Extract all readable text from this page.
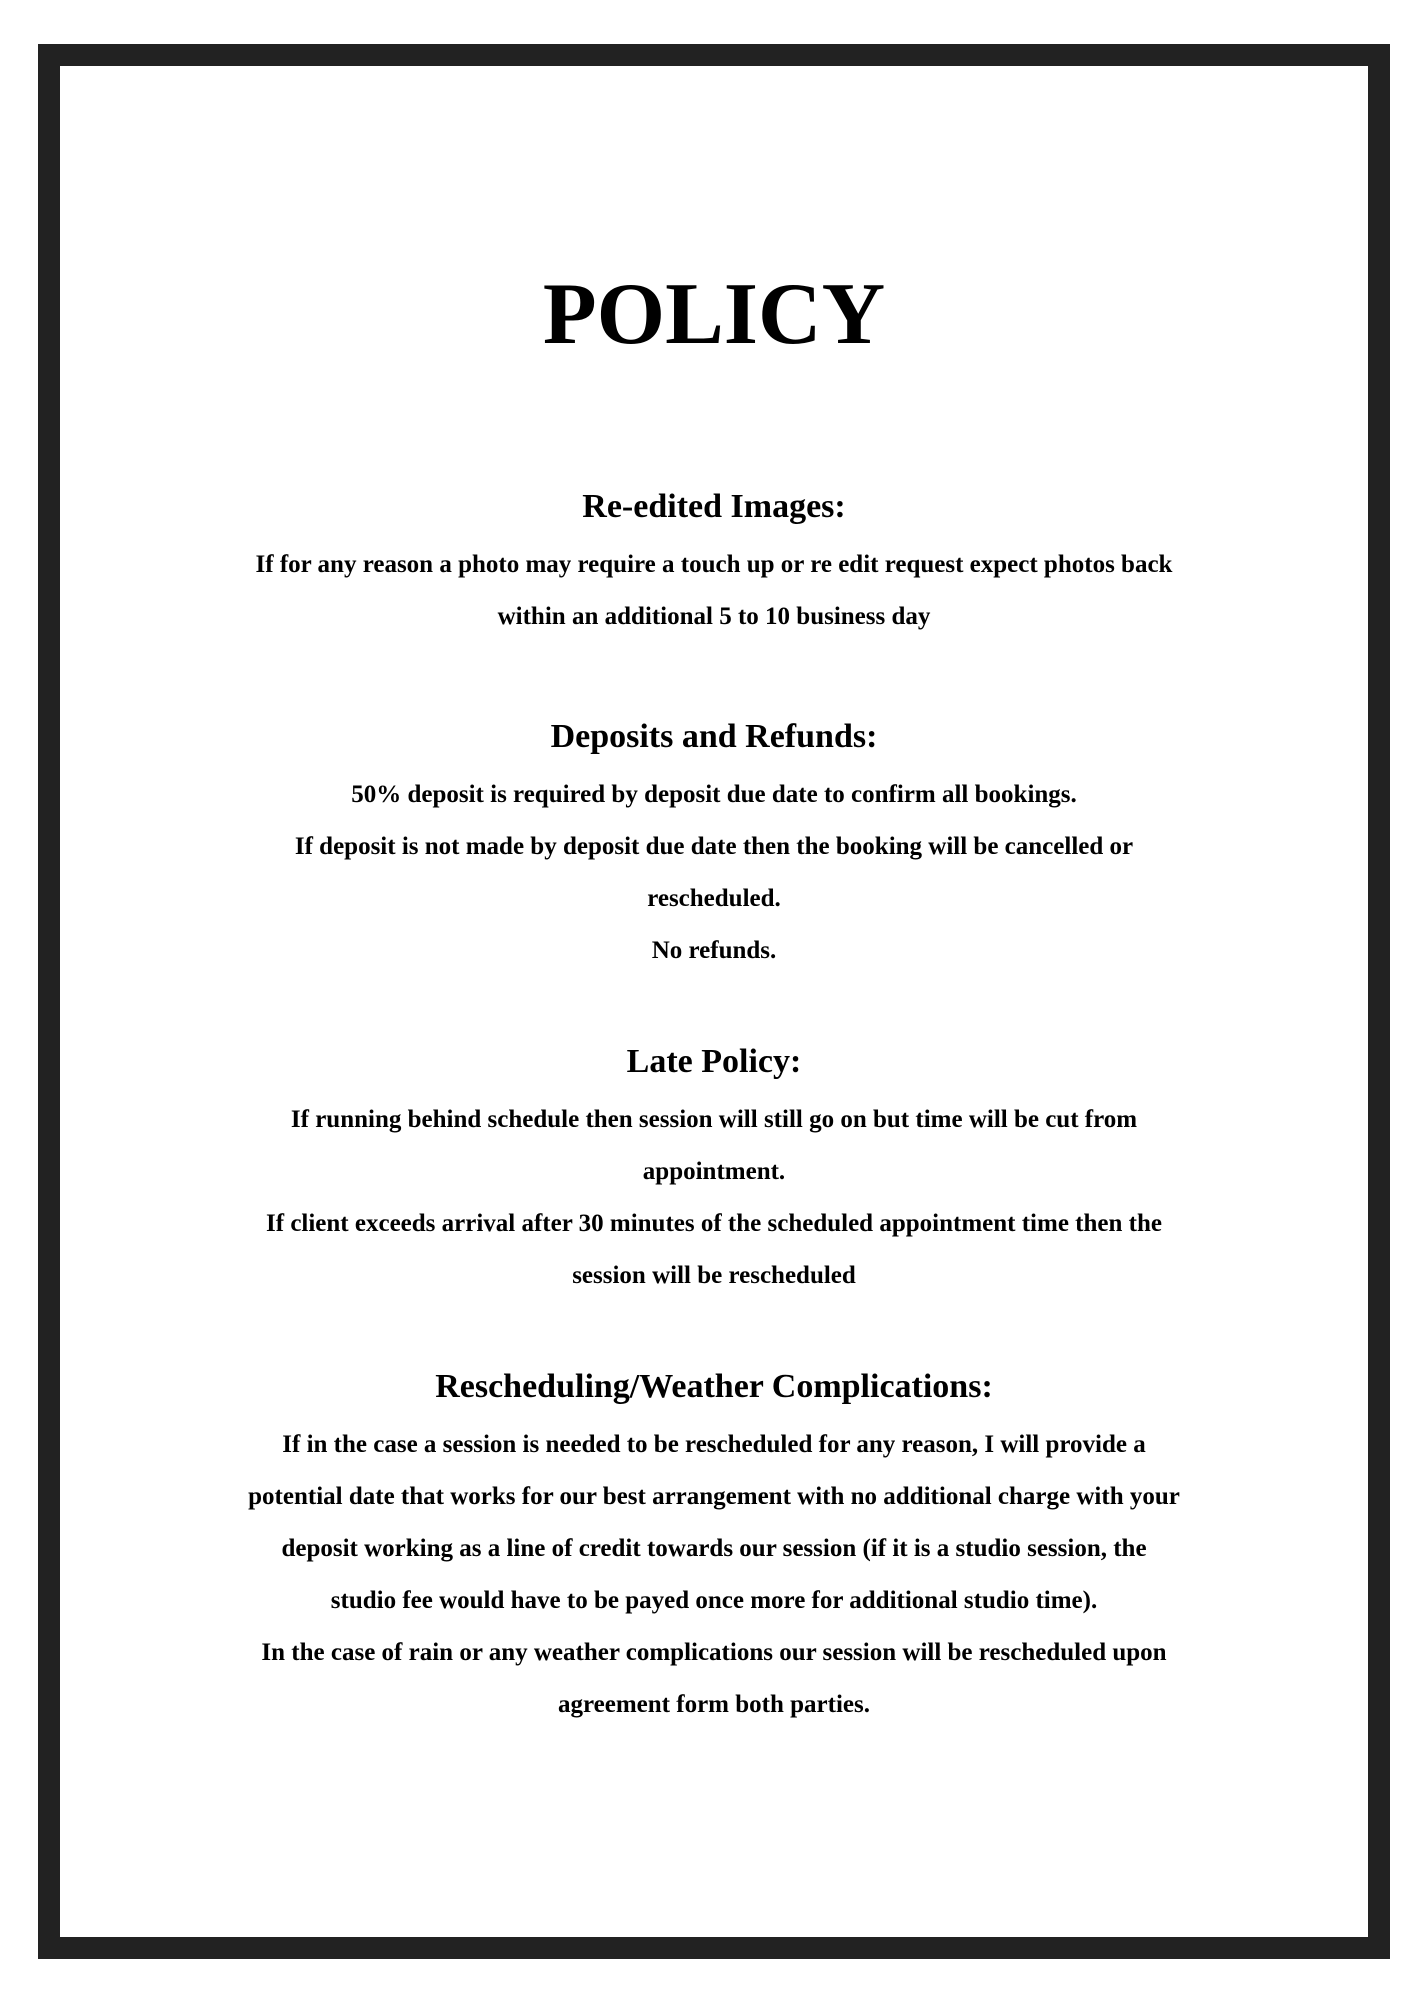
POLICY
Re-edited Images:

If for any reason a photo may require a touch up or re edit request expect photos back

within an additional 5 to 10 business day

Deposits and Refunds:

50% deposit is required by deposit due date to confirm all bookings.

If deposit is not made by deposit due date then the booking will be cancelled or

rescheduled.

No refunds.

Late Policy:

If running behind schedule then session will still go on but time will be cut from

appointment.

If client exceeds arrival after 30 minutes of the scheduled appointment time then the

session will be rescheduled

Rescheduling/Weather Complications:

If in the case a session is needed to be rescheduled for any reason, I will provide a

potential date that works for our best arrangement with no additional charge with your

deposit working as a line of credit towards our session (if it is a studio session, the

studio fee would have to be payed once more for additional studio time).

In the case of rain or any weather complications our session will be rescheduled upon

agreement form both parties.
